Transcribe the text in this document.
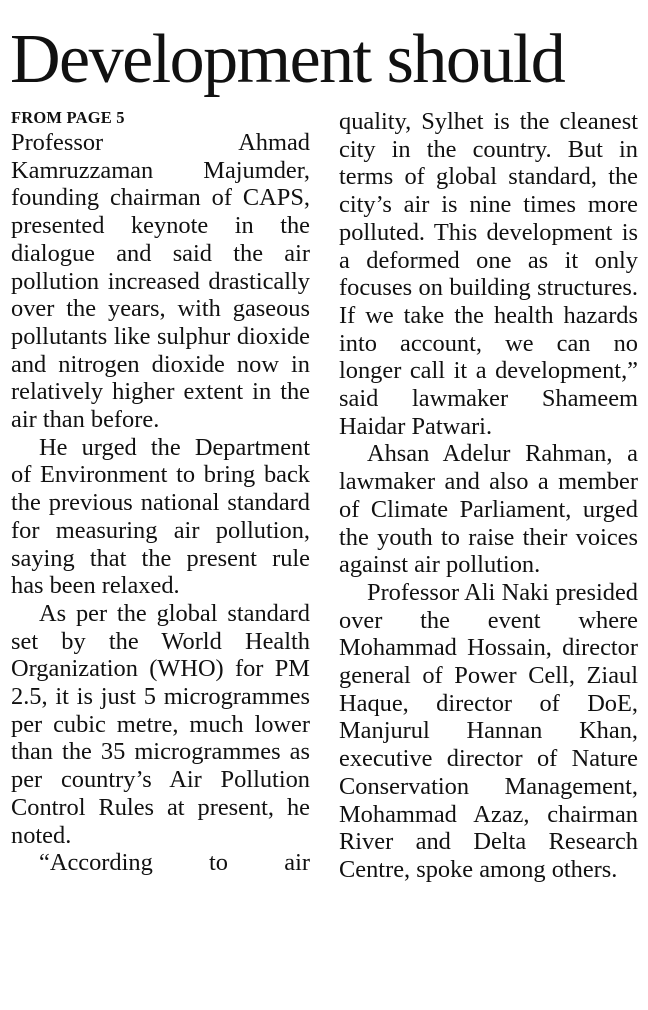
Development should
FROM PAGE 5

Professor Ahmad Kamruzzaman Majumder, founding chairman of CAPS, presented keynote in the dialogue and said the air pollution increased drastically over the years, with gaseous pollutants like sulphur dioxide and nitrogen dioxide now in relatively higher extent in the air than before.

He urged the Department of Environment to bring back the previous national standard for measuring air pollution, saying that the present rule has been relaxed.

As per the global standard set by the World Health Organization (WHO) for PM 2.5, it is just 5 microgrammes per cubic metre, much lower than the 35 microgrammes as per country’s Air Pollution Control Rules at present, he noted.

“According to air

quality, Sylhet is the cleanest city in the country. But in terms of global standard, the city’s air is nine times more polluted. This development is a deformed one as it only focuses on building structures. If we take the health hazards into account, we can no longer call it a development,” said lawmaker Shameem Haidar Patwari.

Ahsan Adelur Rahman, a lawmaker and also a member of Climate Parliament, urged the youth to raise their voices against air pollution.

Professor Ali Naki presided over the event where Mohammad Hossain, director general of Power Cell, Ziaul Haque, director of DoE, Manjurul Hannan Khan, executive director of Nature Conservation Management, Mohammad Azaz, chairman River and Delta Research Centre, spoke among others.
